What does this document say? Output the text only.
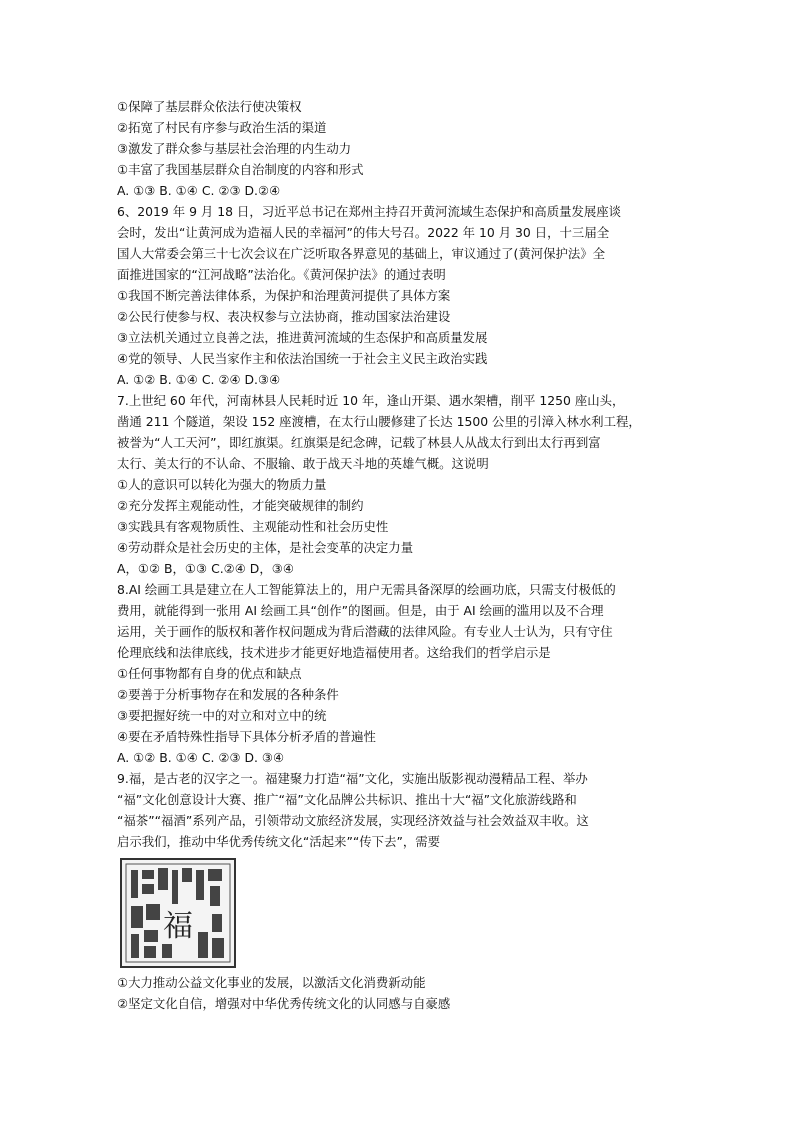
①保障了基层群众依法行使决策权
②拓宽了村民有序参与政治生活的渠道
③激发了群众参与基层社会治理的内生动力
①丰富了我国基层群众自治制度的内容和形式
A. ①③ B. ①④ C. ②③ D.②④
6、2019 年 9 月 18 日，习近平总书记在郑州主持召开黄河流域生态保护和高质量发展座谈
会时，发出“让黄河成为造福人民的幸福河”的伟大号召。2022 年 10 月 30 日，十三届全
国人大常委会第三十七次会议在广泛听取各界意见的基础上，审议通过了(黄河保护法》全
面推进国家的“江河战略”法治化。《黄河保护法》的通过表明
①我国不断完善法律体系，为保护和治理黄河提供了具体方案
②公民行使参与权、表决权参与立法协商，推动国家法治建设
③立法机关通过立良善之法，推进黄河流域的生态保护和高质量发展
④党的领导、人民当家作主和依法治国统一于社会主义民主政治实践
A. ①② B. ①④ C. ②④ D.③④
7.上世纪 60 年代，河南林县人民耗时近 10 年，逢山开渠、遇水架槽，削平 1250 座山头，
凿通 211 个隧道，架设 152 座渡槽，在太行山腰修建了长达 1500 公里的引漳入林水利工程，
被誉为“人工天河”，即红旗渠。红旗渠是纪念碑，记载了林县人从战太行到出太行再到富
太行、美太行的不认命、不服输、敢于战天斗地的英雄气概。这说明
①人的意识可以转化为强大的物质力量
②充分发挥主观能动性，才能突破规律的制约
③实践具有客观物质性、主观能动性和社会历史性
④劳动群众是社会历史的主体，是社会变革的决定力量
A，①② B，①③ C.②④ D，③④
8.AI 绘画工具是建立在人工智能算法上的，用户无需具备深厚的绘画功底，只需支付极低的
费用，就能得到一张用 AI 绘画工具“创作”的图画。但是，由于 AI 绘画的滥用以及不合理
运用，关于画作的版权和著作权问题成为背后潜藏的法律风险。有专业人士认为，只有守住
伦理底线和法律底线，技术进步才能更好地造福使用者。这给我们的哲学启示是
①任何事物都有自身的优点和缺点
②要善于分析事物存在和发展的各种条件
③要把握好统一中的对立和对立中的统
④要在矛盾特殊性指导下具体分析矛盾的普遍性
A. ①② B. ①④ C. ②③ D. ③④
9.福，是古老的汉字之一。福建聚力打造“福”文化，实施出版影视动漫精品工程、举办
“福”文化创意设计大赛、推广“福”文化品牌公共标识、推出十大“福”文化旅游线路和
“福茶”“福酒”系列产品，引领带动文旅经济发展，实现经济效益与社会效益双丰收。这
启示我们，推动中华优秀传统文化“活起来”“传下去”，需要
福
①大力推动公益文化事业的发展，以激活文化消费新动能
②坚定文化自信，增强对中华优秀传统文化的认同感与自豪感
